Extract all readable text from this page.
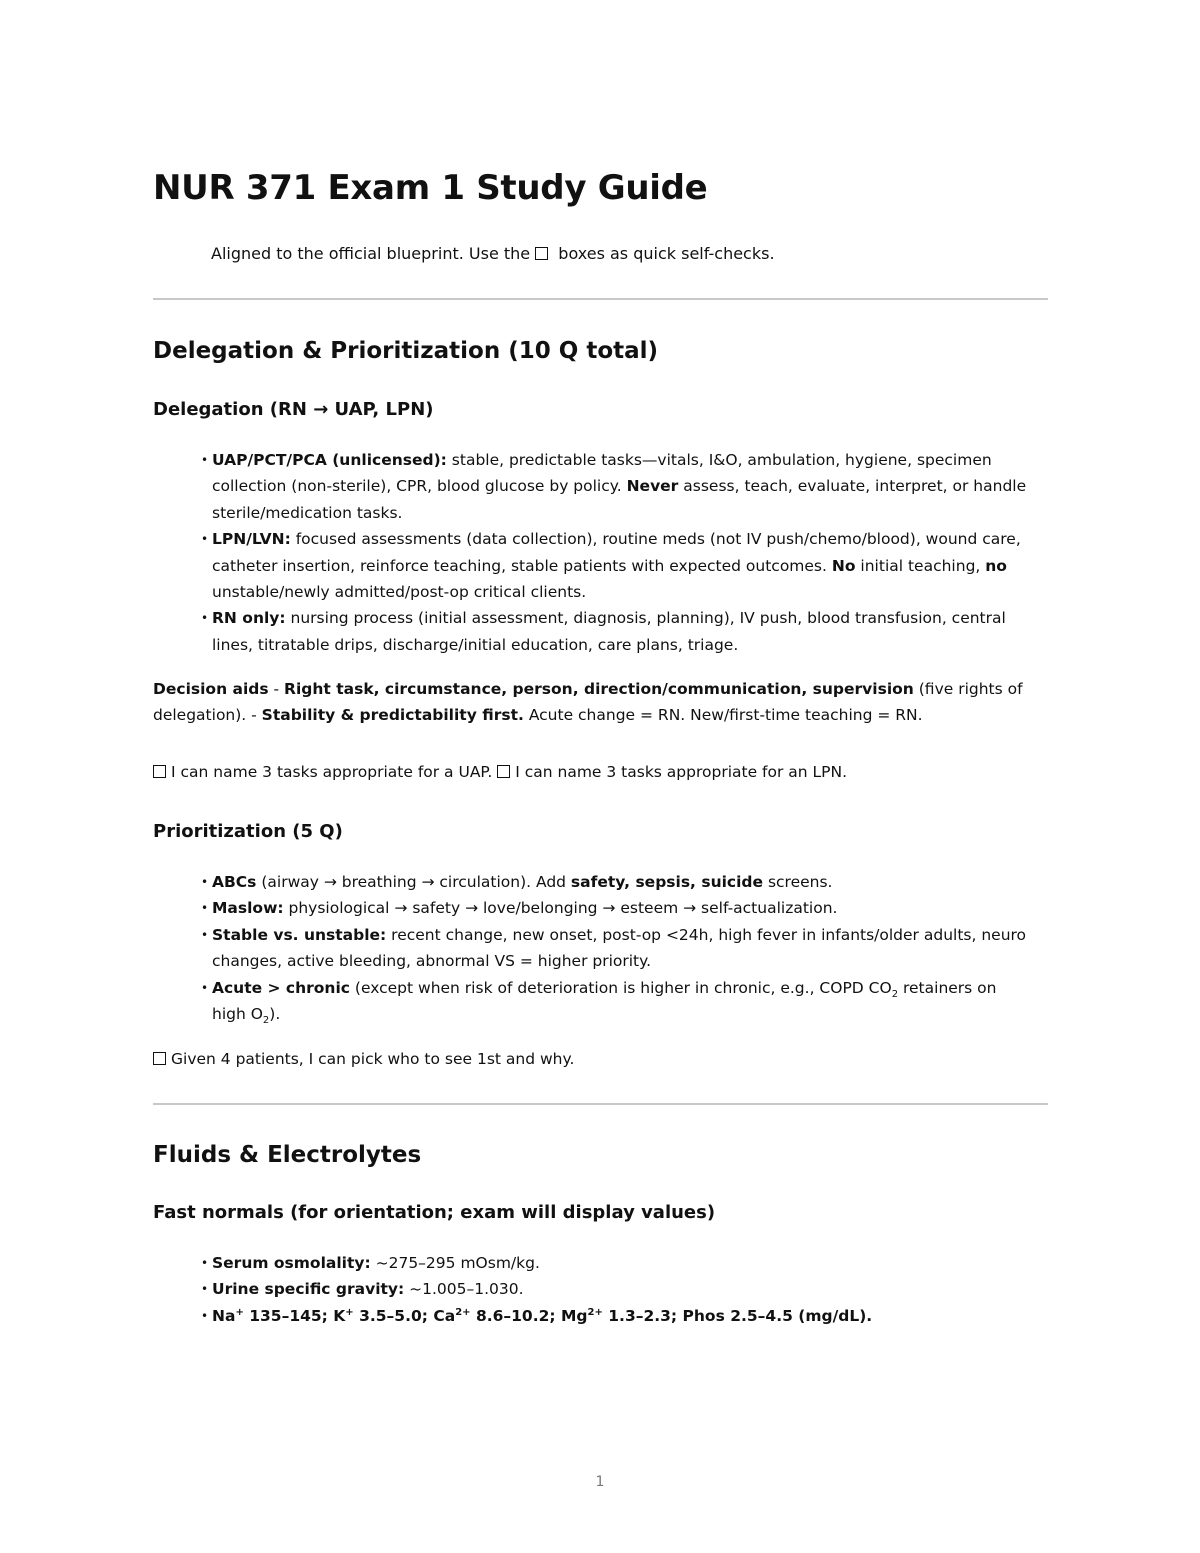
NUR 371 Exam 1 Study Guide

Aligned to the official blueprint. Use the  boxes as quick self-checks.

Delegation & Prioritization (10 Q total)
Delegation (RN → UAP, LPN)
• UAP/PCT/PCA (unlicensed): stable, predictable tasks—vitals, I&O, ambulation, hygiene, specimen collection (non-sterile), CPR, blood glucose by policy. Never assess, teach, evaluate, interpret, or handle sterile/medication tasks.
• LPN/LVN: focused assessments (data collection), routine meds (not IV push/chemo/blood), wound care, catheter insertion, reinforce teaching, stable patients with expected outcomes. No initial teaching, no unstable/newly admitted/post-op critical clients.
• RN only: nursing process (initial assessment, diagnosis, planning), IV push, blood transfusion, central lines, titratable drips, discharge/initial education, care plans, triage.

Decision aids - Right task, circumstance, person, direction/communication, supervision (five rights of delegation). - Stability & predictability first. Acute change = RN. New/first-time teaching = RN.

I can name 3 tasks appropriate for a UAP. I can name 3 tasks appropriate for an LPN.

Prioritization (5 Q)
• ABCs (airway → breathing → circulation). Add safety, sepsis, suicide screens.
• Maslow: physiological → safety → love/belonging → esteem → self-actualization.
• Stable vs. unstable: recent change, new onset, post-op <24h, high fever in infants/older adults, neuro changes, active bleeding, abnormal VS = higher priority.
• Acute > chronic (except when risk of deterioration is higher in chronic, e.g., COPD $CO_2$ retainers on high $O_2$).

Given 4 patients, I can pick who to see 1st and why.

Fluids & Electrolytes
Fast normals (for orientation; exam will display values)
• Serum osmolality: ~275–295 mOsm/kg.
• Urine specific gravity: ~1.005–1.030.
• Na+ 135–145; K+ 3.5–5.0; $Ca^{2+}$ 8.6–10.2; $Mg^{2+}$ 1.3–2.3; Phos 2.5–4.5 (mg/dL).
1
